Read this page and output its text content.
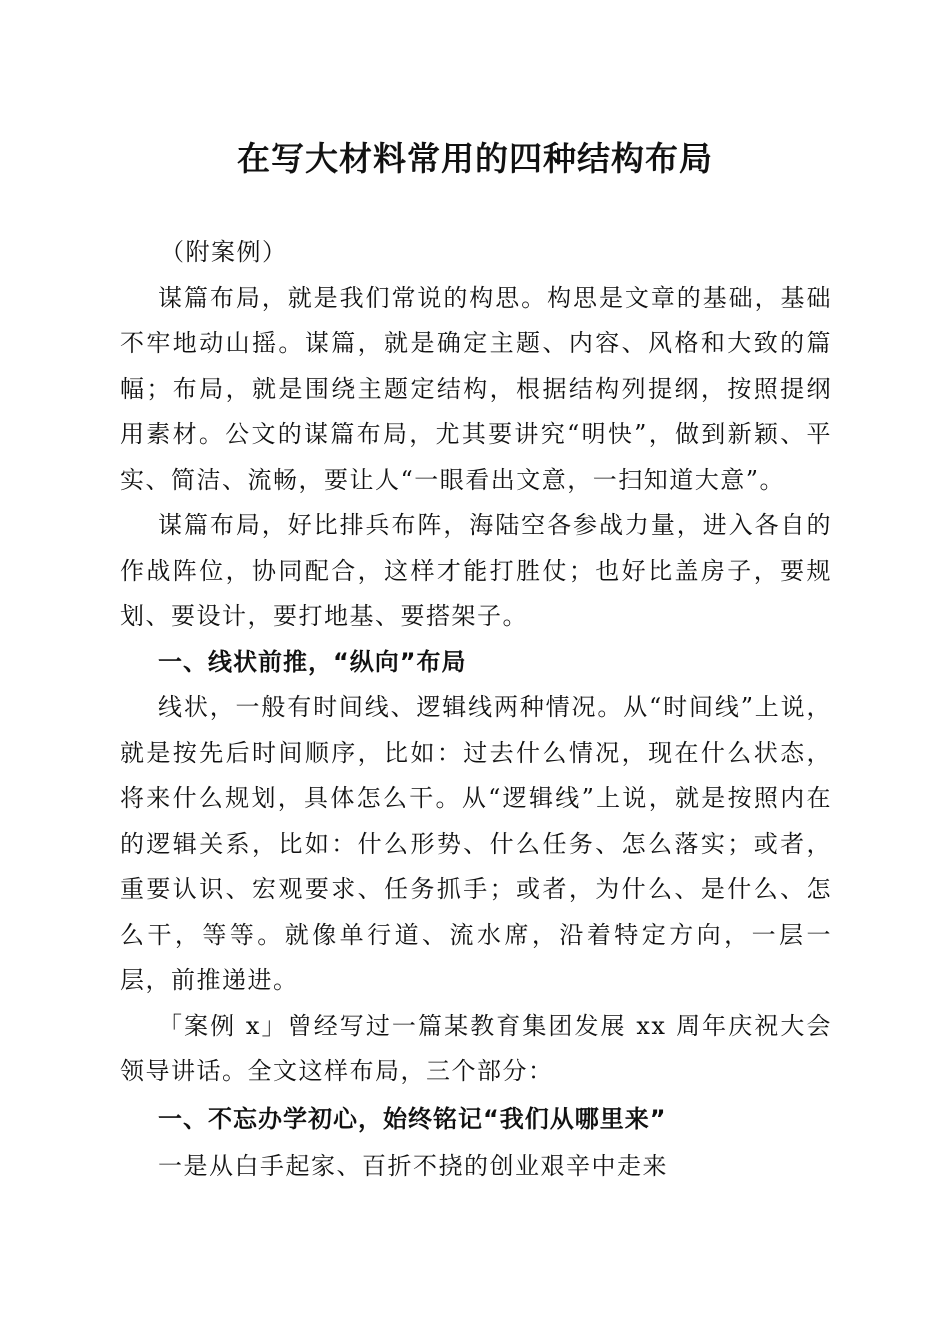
在写大材料常用的四种结构布局

（附案例）

谋篇布局，就是我们常说的构思。构思是文章的基础，基础不牢地动山摇。谋篇，就是确定主题、内容、风格和大致的篇幅；布局，就是围绕主题定结构，根据结构列提纲，按照提纲用素材。公文的谋篇布局，尤其要讲究“明快”，做到新颖、平实、简洁、流畅，要让人“一眼看出文意，一扫知道大意”。

谋篇布局，好比排兵布阵，海陆空各参战力量，进入各自的作战阵位，协同配合，这样才能打胜仗；也好比盖房子，要规划、要设计，要打地基、要搭架子。

一、线状前推，“纵向”布局

线状，一般有时间线、逻辑线两种情况。从“时间线”上说，就是按先后时间顺序，比如：过去什么情况，现在什么状态，将来什么规划，具体怎么干。从“逻辑线”上说，就是按照内在的逻辑关系，比如：什么形势、什么任务、怎么落实；或者，重要认识、宏观要求、任务抓手；或者，为什么、是什么、怎么干，等等。就像单行道、流水席，沿着特定方向，一层一层，前推递进。

「案例 x」曾经写过一篇某教育集团发展 xx 周年庆祝大会领导讲话。全文这样布局，三个部分：

一、不忘办学初心，始终铭记“我们从哪里来”

一是从白手起家、百折不挠的创业艰辛中走来
